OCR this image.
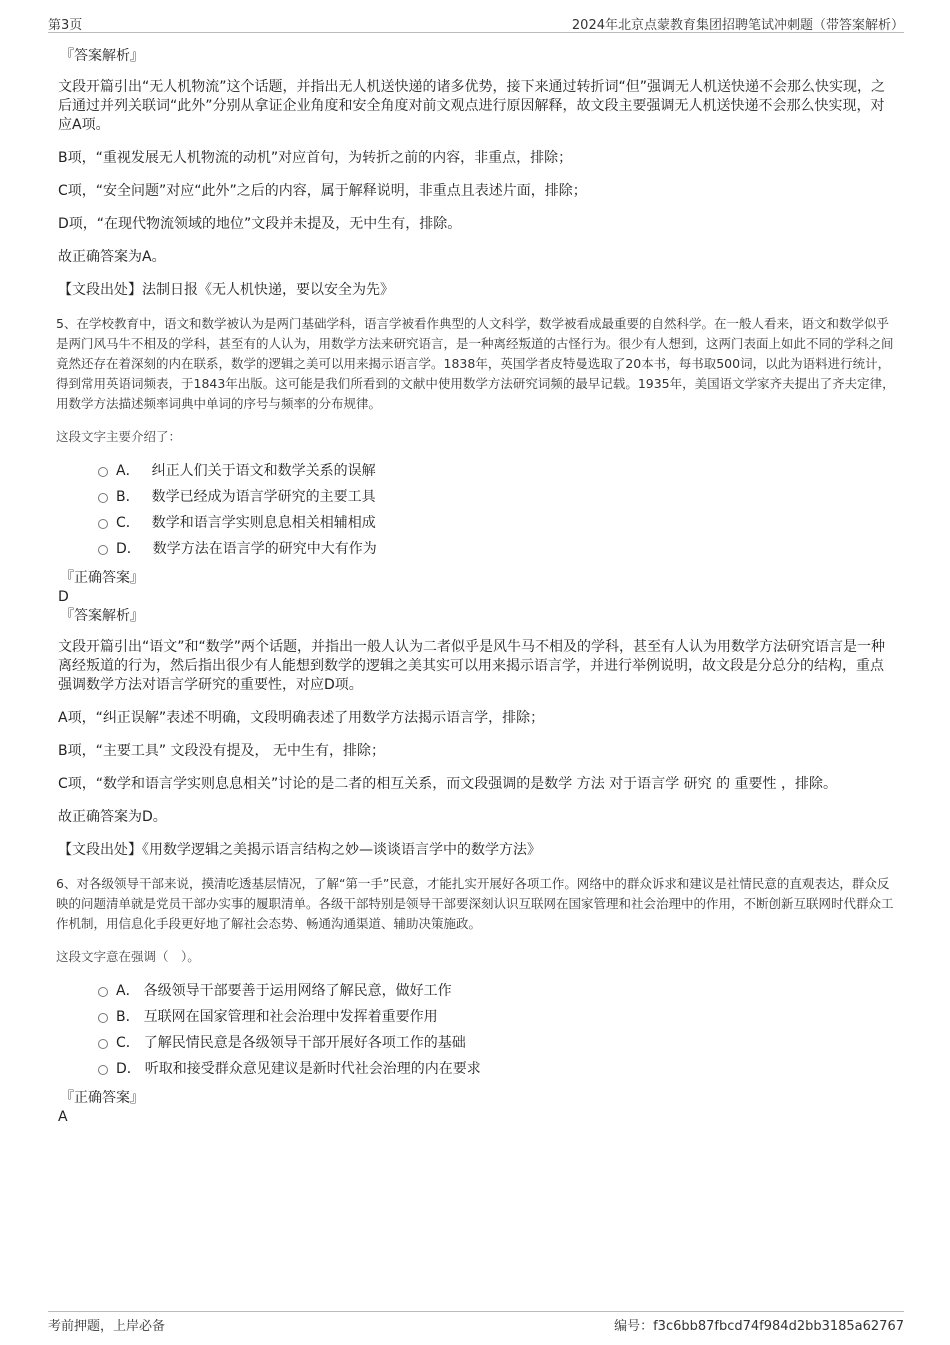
第3页	2024年北京点蒙教育集团招聘笔试冲刺题（带答案解析）

『答案解析』

文段开篇引出“无人机物流”这个话题，并指出无人机送快递的诸多优势，接下来通过转折词“但”强调无人机送快递不会那么快实现，之后通过并列关联词“此外”分别从拿证企业角度和安全角度对前文观点进行原因解释，故文段主要强调无人机送快递不会那么快实现，对应A项。

B项，“重视发展无人机物流的动机”对应首句，为转折之前的内容，非重点，排除；

C项，“安全问题”对应“此外”之后的内容，属于解释说明，非重点且表述片面，排除；

D项，“在现代物流领域的地位”文段并未提及，无中生有，排除。

故正确答案为A。

【文段出处】法制日报《无人机快递，要以安全为先》

5、在学校教育中，语文和数学被认为是两门基础学科，语言学被看作典型的人文科学，数学被看成最重要的自然科学。在一般人看来，语文和数学似乎是两门风马牛不相及的学科，甚至有的人认为，用数学方法来研究语言，是一种离经叛道的古怪行为。很少有人想到，这两门表面上如此不同的学科之间竟然还存在着深刻的内在联系，数学的逻辑之美可以用来揭示语言学。1838年，英国学者皮特曼选取了20本书，每书取500词，以此为语料进行统计，得到常用英语词频表，于1843年出版。这可能是我们所看到的文献中使用数学方法研究词频的最早记载。1935年，美国语文学家齐夫提出了齐夫定律，用数学方法描述频率词典中单词的序号与频率的分布规律。

这段文字主要介绍了：

A． 纠正人们关于语文和数学关系的误解
B． 数学已经成为语言学研究的主要工具
C． 数学和语言学实则息息相关相辅相成
D． 数学方法在语言学的研究中大有作为

『正确答案』

D

『答案解析』

文段开篇引出“语文”和“数学”两个话题，并指出一般人认为二者似乎是风牛马不相及的学科，甚至有人认为用数学方法研究语言是一种离经叛道的行为，然后指出很少有人能想到数学的逻辑之美其实可以用来揭示语言学，并进行举例说明，故文段是分总分的结构，重点强调数学方法对语言学研究的重要性，对应D项。

A项，“纠正误解”表述不明确，文段明确表述了用数学方法揭示语言学，排除；

B项，“主要工具” 文段没有提及， 无中生有，排除；

C项，“数学和语言学实则息息相关”讨论的是二者的相互关系，而文段强调的是数学 方法 对于语言学 研究 的 重要性 ，排除。

故正确答案为D。

【文段出处】《用数学逻辑之美揭示语言结构之妙—谈谈语言学中的数学方法》

6、对各级领导干部来说，摸清吃透基层情况，了解“第一手”民意，才能扎实开展好各项工作。网络中的群众诉求和建议是社情民意的直观表达，群众反映的问题清单就是党员干部办实事的履职清单。各级干部特别是领导干部要深刻认识互联网在国家管理和社会治理中的作用，不断创新互联网时代群众工作机制，用信息化手段更好地了解社会态势、畅通沟通渠道、辅助决策施政。

这段文字意在强调（　）。

A． 各级领导干部要善于运用网络了解民意，做好工作
B． 互联网在国家管理和社会治理中发挥着重要作用
C． 了解民情民意是各级领导干部开展好各项工作的基础
D． 听取和接受群众意见建议是新时代社会治理的内在要求

『正确答案』

A

考前押题，上岸必备	编号：f3c6bb87fbcd74f984d2bb3185a62767
